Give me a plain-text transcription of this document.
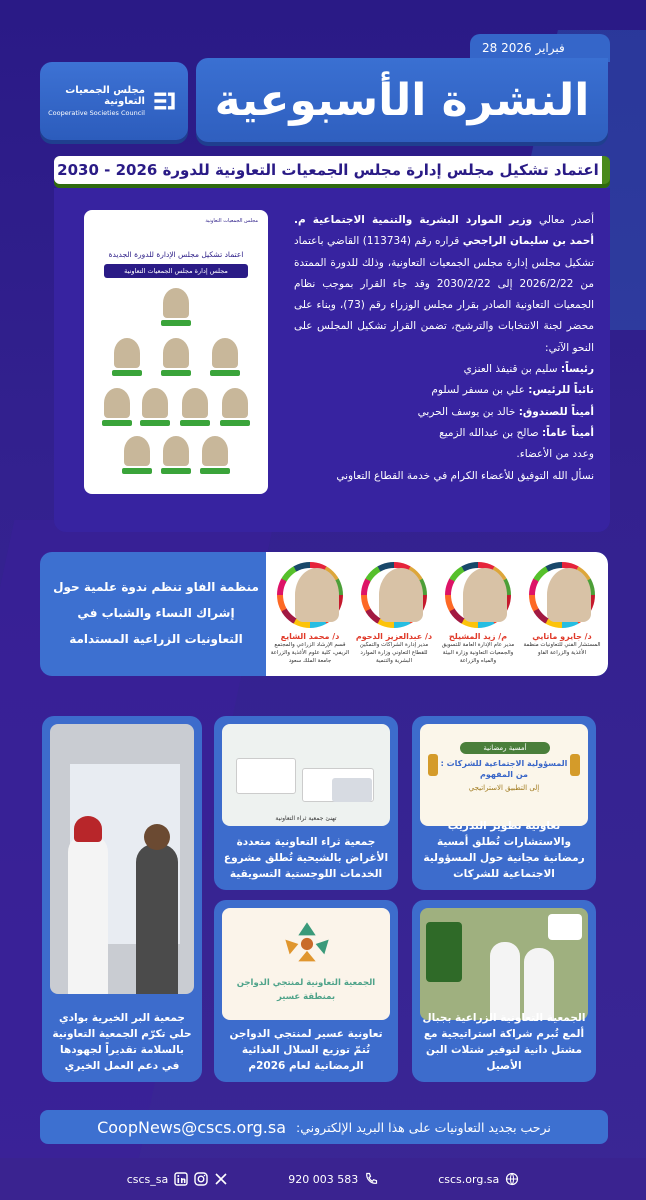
28 فبراير 2026
النشرة الأسبوعية
مجلس الجمعيات التعاونية
Cooperative Societies Council
اعتماد تشكيل مجلس إدارة مجلس الجمعيات التعاونية للدورة 2026 - 2030
مجلس الجمعيات التعاونية
اعتماد تشكيل مجلس الإدارة للدورة الجديدة
مجلس إدارة مجلس الجمعيات التعاونية
أصدر معالي وزير الموارد البشرية والتنمية الاجتماعية م. أحمد بن سليمان الراجحي قراره رقم (113734) القاضي باعتماد تشكيل مجلس إدارة مجلس الجمعيات التعاونية، وذلك للدورة الممتدة من 2026/2/22 إلى 2030/2/22 وقد جاء القرار بموجب نظام الجمعيات التعاونية الصادر بقرار مجلس الوزراء رقم (73)، وبناء على محضر لجنة الانتخابات والترشيح، تضمن القرار تشكيل المجلس على النحو الآتي:
رئيساً: سليم بن قنيفذ العنزي
نائباً للرئيس: علي بن مسفر لسلوم
أميناً للصندوق: خالد بن يوسف الحربي
أميناً عاماً: صالح بن عبدالله الزميع
وعدد من الأعضاء.
نسأل الله التوفيق للأعضاء الكرام في خدمة القطاع التعاوني
د/ جايرو ماتايي
المستشار الفني للتعاونيات منظمة الأغذية والزراعة الفاو
م/ زيد المشيلح
مدير عام الإدارة العامة للتسويق والجمعيات التعاونية وزارة البيئة والمياه والزراعة
د/ عبدالعزيز الدحوم
مدير إدارة الشراكات والتمكين للقطاع التعاوني وزارة الموارد البشرية والتنمية
د/ محمد الشايع
قسم الإرشاد الزراعي والمجتمع الريفي، كلية علوم الأغذية والزراعة جامعة الملك سعود
منظمة الفاو تنظم ندوة علمية حول إشراك النساء والشباب في التعاونيات الزراعية المستدامة
أمسية رمضانية
المسؤولية الاجتماعية للشركات : من المفهوم
إلى التطبيق الاستراتيجي
تعاونية تطوير التدريب والاستشارات تُطلق أمسية رمضانية مجانية حول المسؤولية الاجتماعية للشركات
تهنئ جمعية ثراء التعاونية
جمعية ثراء التعاونية متعددة الأغراض بالشيحية تُطلق مشروع الخدمات اللوجستية التسويقية
جمعية البر الخيرية بوادي حلي تكرّم الجمعية التعاونية بالسلامة تقديراً لجهودها في دعم العمل الخيري
الجمعية التعاونية الزراعية بجبال ألمع تُبرم شراكة استراتيجية مع مشتل دانية لتوفير شتلات البن الأصيل
الجمعية التعاونية لمنتجي الدواجن بمنطقة عسير
تعاونية عسير لمنتجي الدواجن تُتمّ توزيع السلال الغذائية الرمضانية لعام 2026م
CoopNews@cscs.org.sa نرحب بجديد التعاونيات على هذا البريد الإلكتروني:
cscs_sa	920 003 583	cscs.org.sa
